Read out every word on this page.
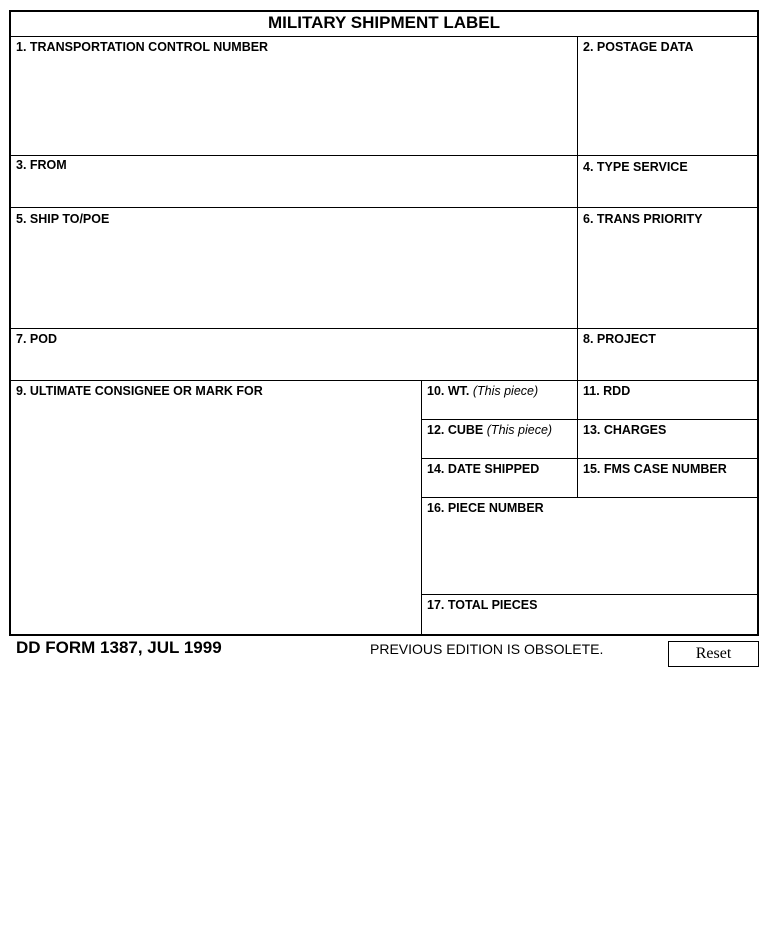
MILITARY SHIPMENT LABEL
1. TRANSPORTATION CONTROL NUMBER	2. POSTAGE DATA
3. FROM	4. TYPE SERVICE
5. SHIP TO/POE	6. TRANS PRIORITY
7. POD	8. PROJECT
9. ULTIMATE CONSIGNEE OR MARK FOR	10. WT. (This piece)	11. RDD
12. CUBE (This piece)	13. CHARGES
14. DATE SHIPPED	15. FMS CASE NUMBER
16. PIECE NUMBER
17. TOTAL PIECES
DD FORM 1387, JUL 1999	PREVIOUS EDITION IS OBSOLETE.	Reset
